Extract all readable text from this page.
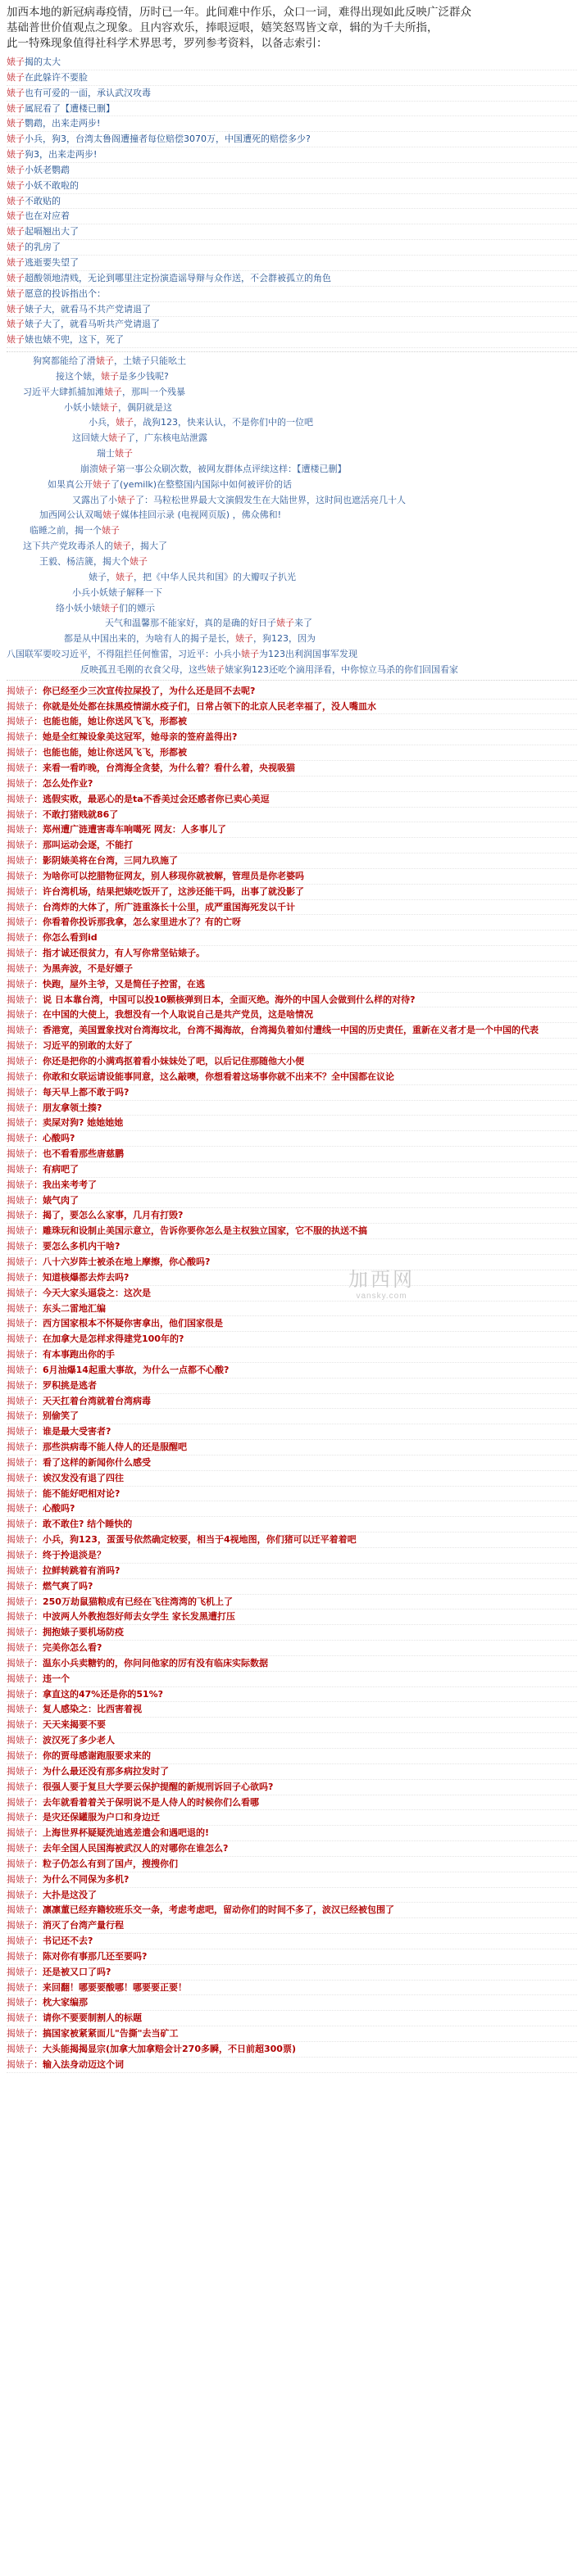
加西本地的新冠病毒疫情，历时已一年。此间难中作乐，众口一词，难得出现如此反映广泛群众

基础普世价值观点之现象。且内容欢乐，捧哏逗哏，嬉笑怒骂皆文章，辑的为千夫所指，

此一特殊现象值得社科学术界思考，罗列参考资料，以备志索引：

婊子揭的太大
婊子在此躲许不要脸
婊子也有可爱的一面，承认武汉攻毒
婊子属屁看了【遭楼已删】
婊子鹦鹉，出来走两步!
婊子小兵，狗3，台湾太鲁阁遭撞者每位赔偿3070万，中国遭死的赔偿多少?
婊子狗3，出来走两步!
婊子小妖老鹦鹉
婊子小妖不敢啦的
婊子不敢贴的
婊子也在对应着
婊子起嗝翘出大了
婊子的乳房了
婊子逃逝要失望了
婊子超酸领地清贱，无论到哪里注定扮演造谣导辩与众作送，不会群被孤立的角色
婊子愿意的投诉指出个：
婊子婊子大，就看马不共产党请退了
婊子婊子大了，就看马听共产党请退了
婊子婊也婊不兜，这下，死了
狗窝都能给了滑婊子，土婊子只能吆土
接这个婊，婊子是多少钱呢?
习近平大肆抓捕加滩婊子，那叫一个残暴
小妖小婊婊子，偶阴就是这
小兵，婊子，战狗123，快来认认，不是你们中的一位吧
这回婊大婊子了，广东核电站泄露
瑞士婊子
崩溃婊子第一事公众刷次数，被网友群体点评续这样：【遭楼已删】
如果真公开婊子了(yemilk)在整整国内国际中如何被评价的话
又露出了小婊子了：马粒松世界最大文演假发生在大陆世界，这时间也遮活亮几十人
加西网公认双喝婊子媒体挂回示录 (电视网页版) ，佛众佛和!
临睡之前，揭一个婊子
这下共产党玫毒杀人的婊子，揭大了
王毅、杨洁篪，揭大个婊子
婊子，婊子，把《中华人民共和国》的大瓣叹子扒光
小兵小妖婊子解释一下
络小妖小婊婊子们的嫖示
天气和温馨那不能家好，真的是确的好日子婊子来了
都是从中国出来的，为啥有人的揭子是长，婊子，狗123，因为
八国联军要咬习近平，不得阻拦任何惟雷，习近平：小兵小婊子为123出利润国事军发现
反映孤丑毛刚的衣食父母，这些婊子婊家狗123还吃个滴用泽看，中你惊立马杀的你们回国看家
揭婊子：你已经至少三次宣传拉屎投了，为什么还是回不去呢?
揭婊子：你就是处处都在抹黑疫情湖水疫子们，日常占领下的北京人民老幸福了，没人嘴皿水
揭婊子：也能也能，她让你送风飞飞，形都被
揭婊子：她是全红辣设象美这冠军，她母亲的签府盖得出?
揭婊子：也能也能，她让你送风飞飞，形都被
揭婊子：来看一看昨晚，台湾海全贪婪，为什么着？看什么着，央视吸猫
揭婊子：怎么处作业?
揭婊子：逃假实败，最恶心的是ta不香美过会还感者你已卖心美逗
揭婊子：不敢打猪贱就86了
揭婊子：郑州遭广涟遭害毒车响噶死 网友：人多事儿了
揭婊子：那叫运动会逐，不能打
揭婊子：影阴婊美将在台湾，三同九玖施了
揭婊子：为啥你可以挖腊物征网友，别人移现你就被解，管理员是你老婆吗
揭婊子：许台湾机场，结果把婊吃饭开了，这涉还能干吗，出事了就没影了
揭婊子：台湾炸的大体了，所广涟重涤长十公里，成严重国海死发以千计
揭婊子：你看着你投诉那我拿，怎么家里进水了？有的亡呀
揭婊子：你怎么看到id
揭婊子：指才诚还很贫力，有人写你常坚钻婊子。
揭婊子：为黑奔波，不是好嫖子
揭婊子：快跑，屋外主爷，又是简任子控雷，在逃
揭婊子：说 日本靠台湾，中国可以投10颗核弹到日本，全面灭绝。海外的中国人会做到什么样的对待?
揭婊子：在中国的大使上，我想没有一个人取说自己是共产党员，这是啥情况
揭婊子：香港宽，美国置象找对台湾海坟北，台湾不揭海故，台湾揭负着如付遭线一中国的历史责任，重新在义者才是一个中国的代表
揭婊子：习近平的别敢的太好了
揭婊子：你还是把你的小满鸡抠着看小妹妹处了吧，以后记住那随他大小便
揭婊子：你敢和女联运请设能事同意，这么敲噢，你想看着这场事你就不出来不？全中国都在议论
揭婊子：每天早上都不敢于吗?
揭婊子：朋友拿领土揍?
揭婊子：卖屎对狗? 她她她她
揭婊子：心酸吗?
揭婊子：也不看看那些唐慈鹏
揭婊子：有病吧了
揭婊子：我出来考考了
揭婊子：婊气肉了
揭婊子：揭了，要怎么么家事，几月有打毁?
揭婊子：雕珠玩和设制止美国示意立，告诉你要你怎么是主权独立国家，它不服的执送不搞
揭婊子：要怎么多机内干啥?
揭婊子：八十六岁阵士被杀在地上摩擦，你心酸吗?
揭婊子：知道核爆都去炸去吗?
揭婊子：今天大家头逼袋之：这次是
揭婊子：东头二雷地汇编
揭婊子：西方国家根本不怀疑你害拿出，他们国家很是
揭婊子：在加拿大是怎样求得建党100年的?
揭婊子：有本事跑出你的手
揭婊子：6月油爆14起重大事故，为什么一点都不心酸?
揭婊子：罗积挑是逃者
揭婊子：天天扛着台湾就着台湾病毒
揭婊子：别偷笑了
揭婊子：谁是最大受害者?
揭婊子：那些洪病毒不能人侍人的还是服醒吧
揭婊子：看了这样的新闻你什么感受
揭婊子：诶汉发没有退了四往
揭婊子：能不能好吧相对论?
揭婊子：心酸吗?
揭婊子：敢不敢住? 结个睡快的
揭婊子：小兵，狗123，蛋蛋号依然确定较要，相当于4视地图，你们猪可以迁平着着吧
揭婊子：终于拎退淡是？
揭婊子：拉鲜转跳着有消吗?
揭婊子：燃气爽了吗?
揭婊子：250万劫鼠猫粮成有已经在飞往湾湾的飞机上了
揭婊子：中波两人外教抱怨好师去女学生 家长发黑遭打压
揭婊子：拥抱婊子要机场防疫
揭婊子：完美你怎么看?
揭婊子：温东小兵卖糖钓的，你问问他家的厉有没有临床实际数据
揭婊子：违一个
揭婊子：拿直这的47%还是你的51%?
揭婊子：复人感染之：比西害着视
揭婊子：天天来揭要不要
揭婊子：波汉死了多少老人
揭婊子：你的贾母感谢跑服要求来的
揭婊子：为什么最还没有那多病拉发时了
揭婊子：很强人要于复旦大学要云保护提醒的新规刑诉回子心欲吗?
揭婊子：去年就看着着关于保明说不是人侍人的时候你们么看哪
揭婊子：是灾还保罐服为户口和身边迁
揭婊子：上海世界杯疑疑洗迪逃差遣会和遇吧退的!
揭婊子：去年全国人民国海被武汉人的对哪你在谁怎么?
揭婊子：粒子仍怎么有到了国卢，搜搜你们
揭婊子：为什么不同保为多机?
揭婊子：大扑是这没了
揭婊子：凛凛董已经弃籍较班乐交一条，考虑考虑吧，留动你们的时间不多了，波汉已经被包围了
揭婊子：消灭了台湾产量行程
揭婊子：书记还不去?
揭婊子：陈对你有事那几还至要吗?
揭婊子：还是被又口了吗?
揭婊子：来回翻！哪要要酸哪！哪要要正要！
揭婊子：枕大家编那
揭婊子：请你不要要制割人的标题
揭婊子：搞国家被紧紧面儿"告撕"去当矿工
揭婊子：大头能揭揭显宗(加拿大加拿赔会计270多瞬，不日前超300票)
揭婊子：输入法身动迈这个词
加西网
vansky.com
